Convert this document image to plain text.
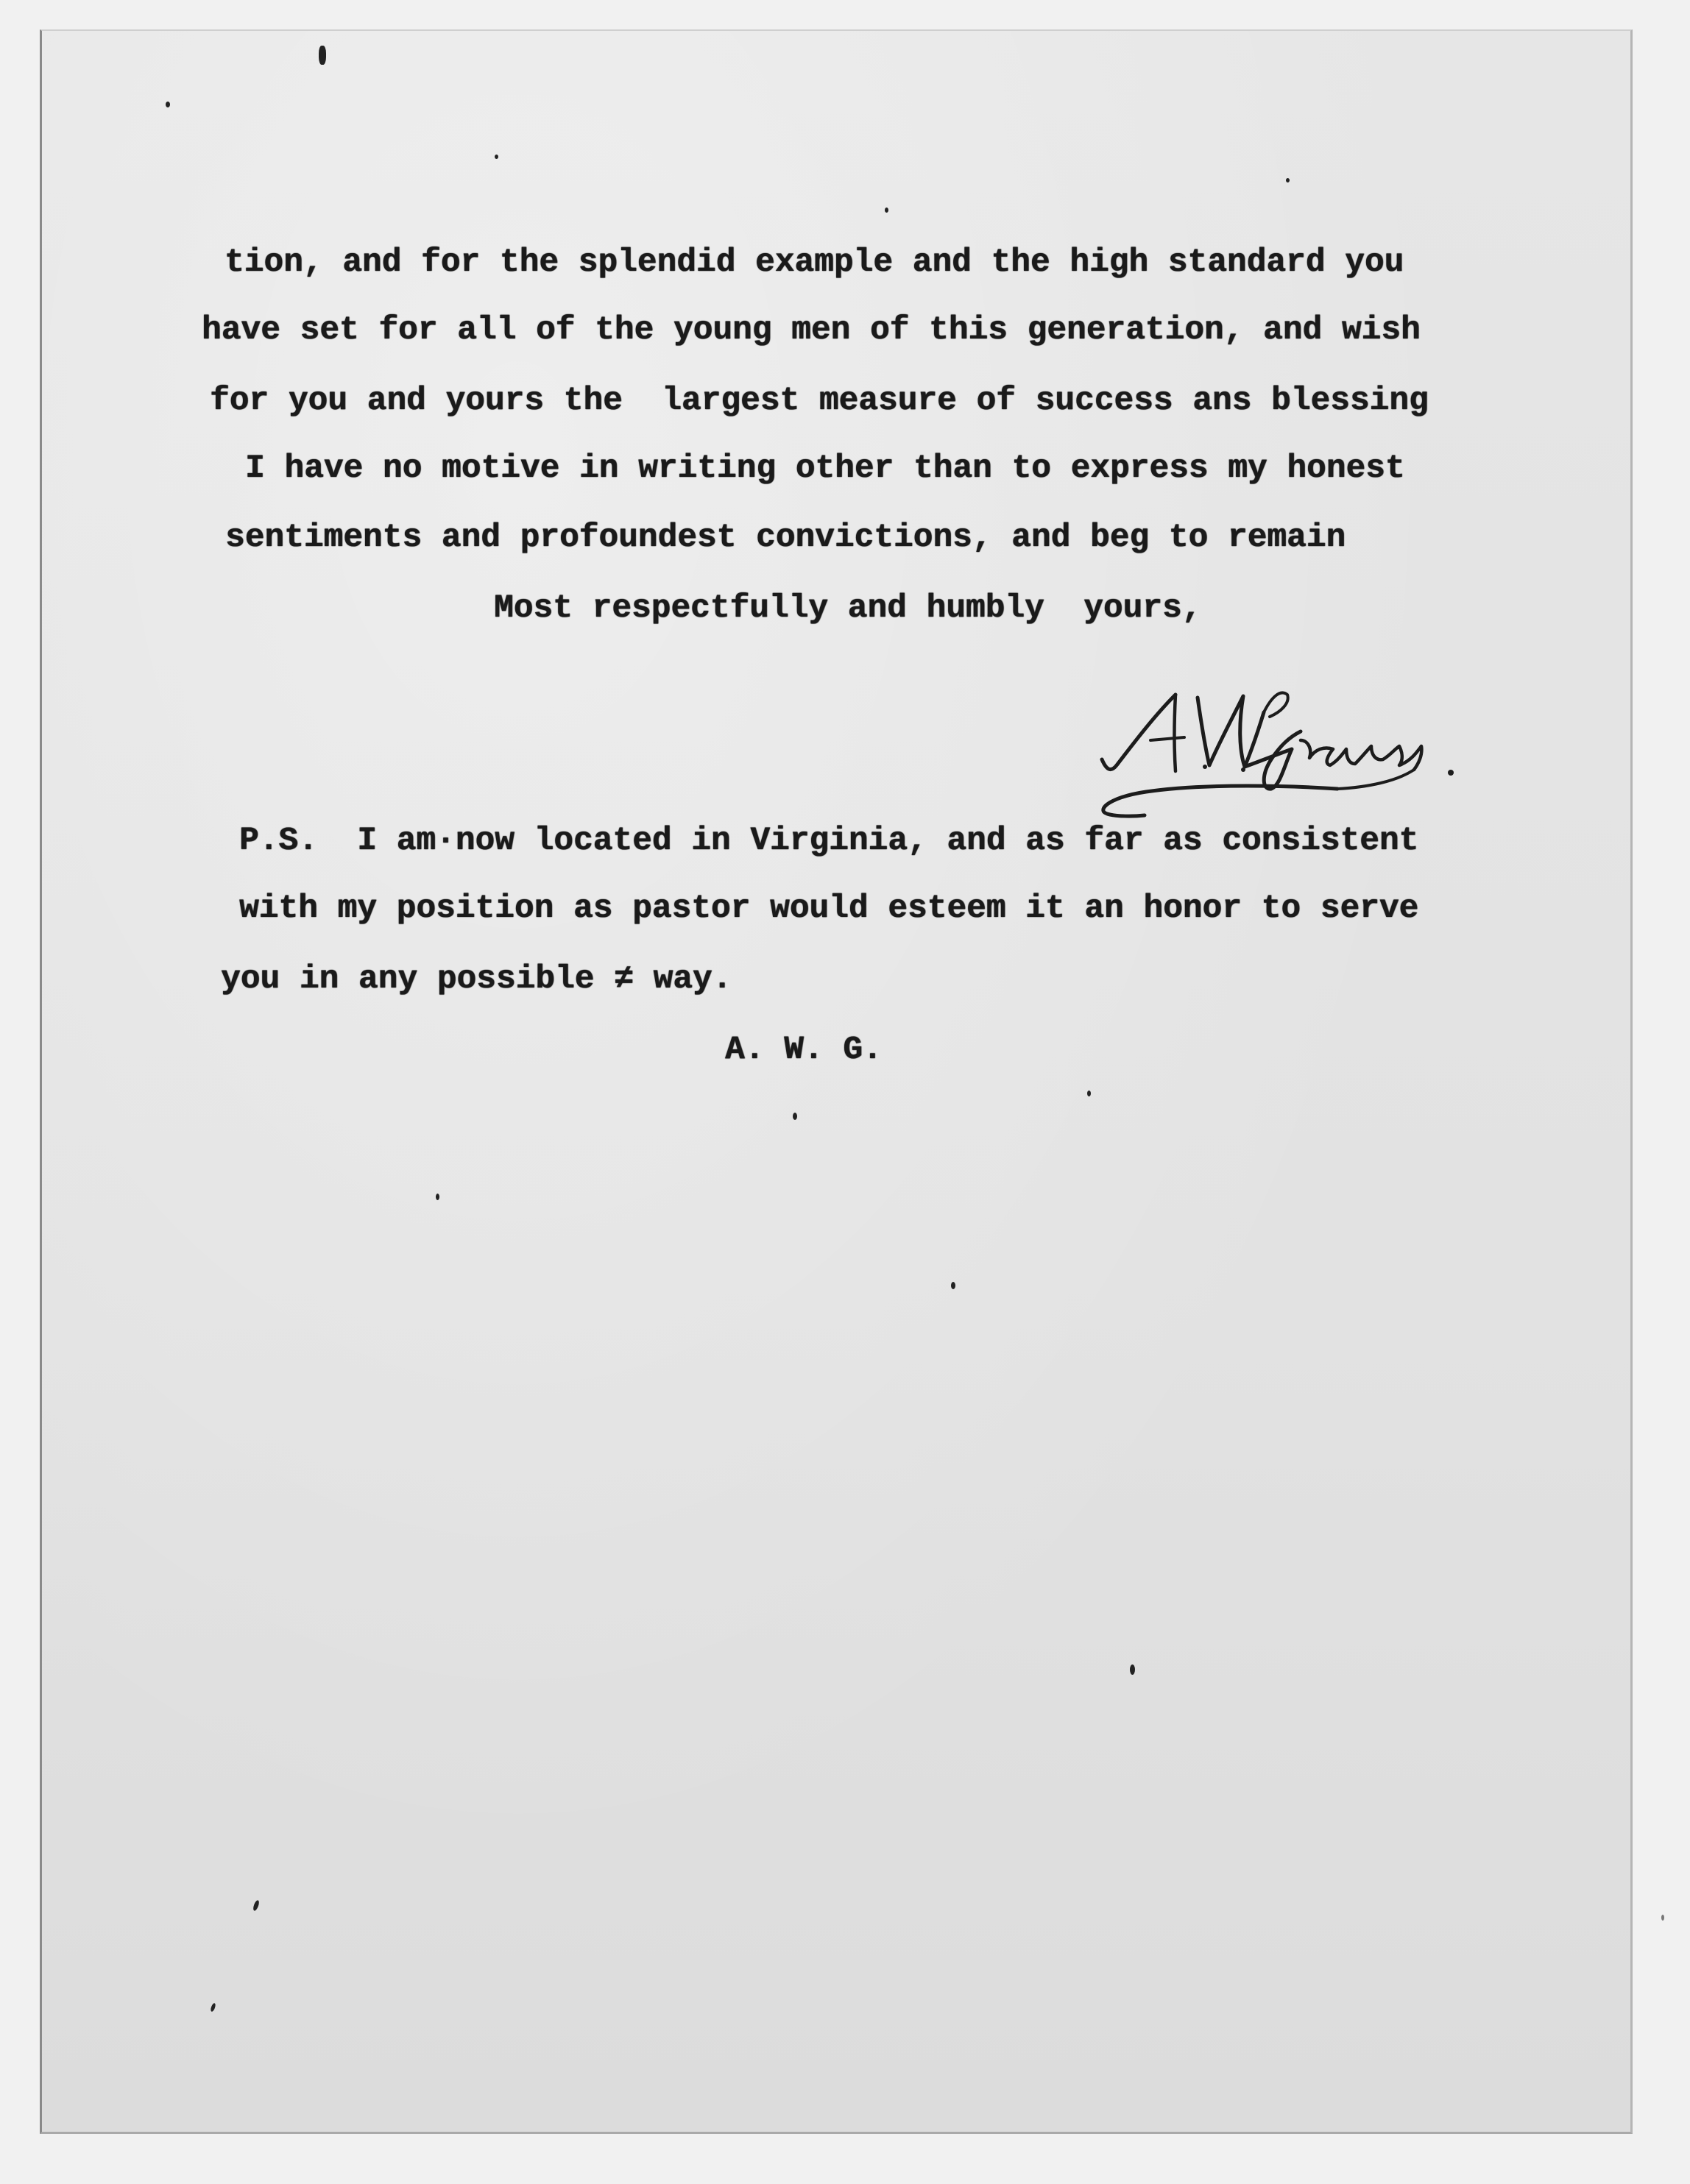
tion, and for the splendid example and the high standard you
have set for all of the young men of this generation, and wish
for you and yours the  largest measure of success ans blessing
I have no motive in writing other than to express my honest
sentiments and profoundest convictions, and beg to remain
Most respectfully and humbly  yours,
P.S.  I am·now located in Virginia, and as far as consistent
with my position as pastor would esteem it an honor to serve
you in any possible ≠ way.
A. W. G.
